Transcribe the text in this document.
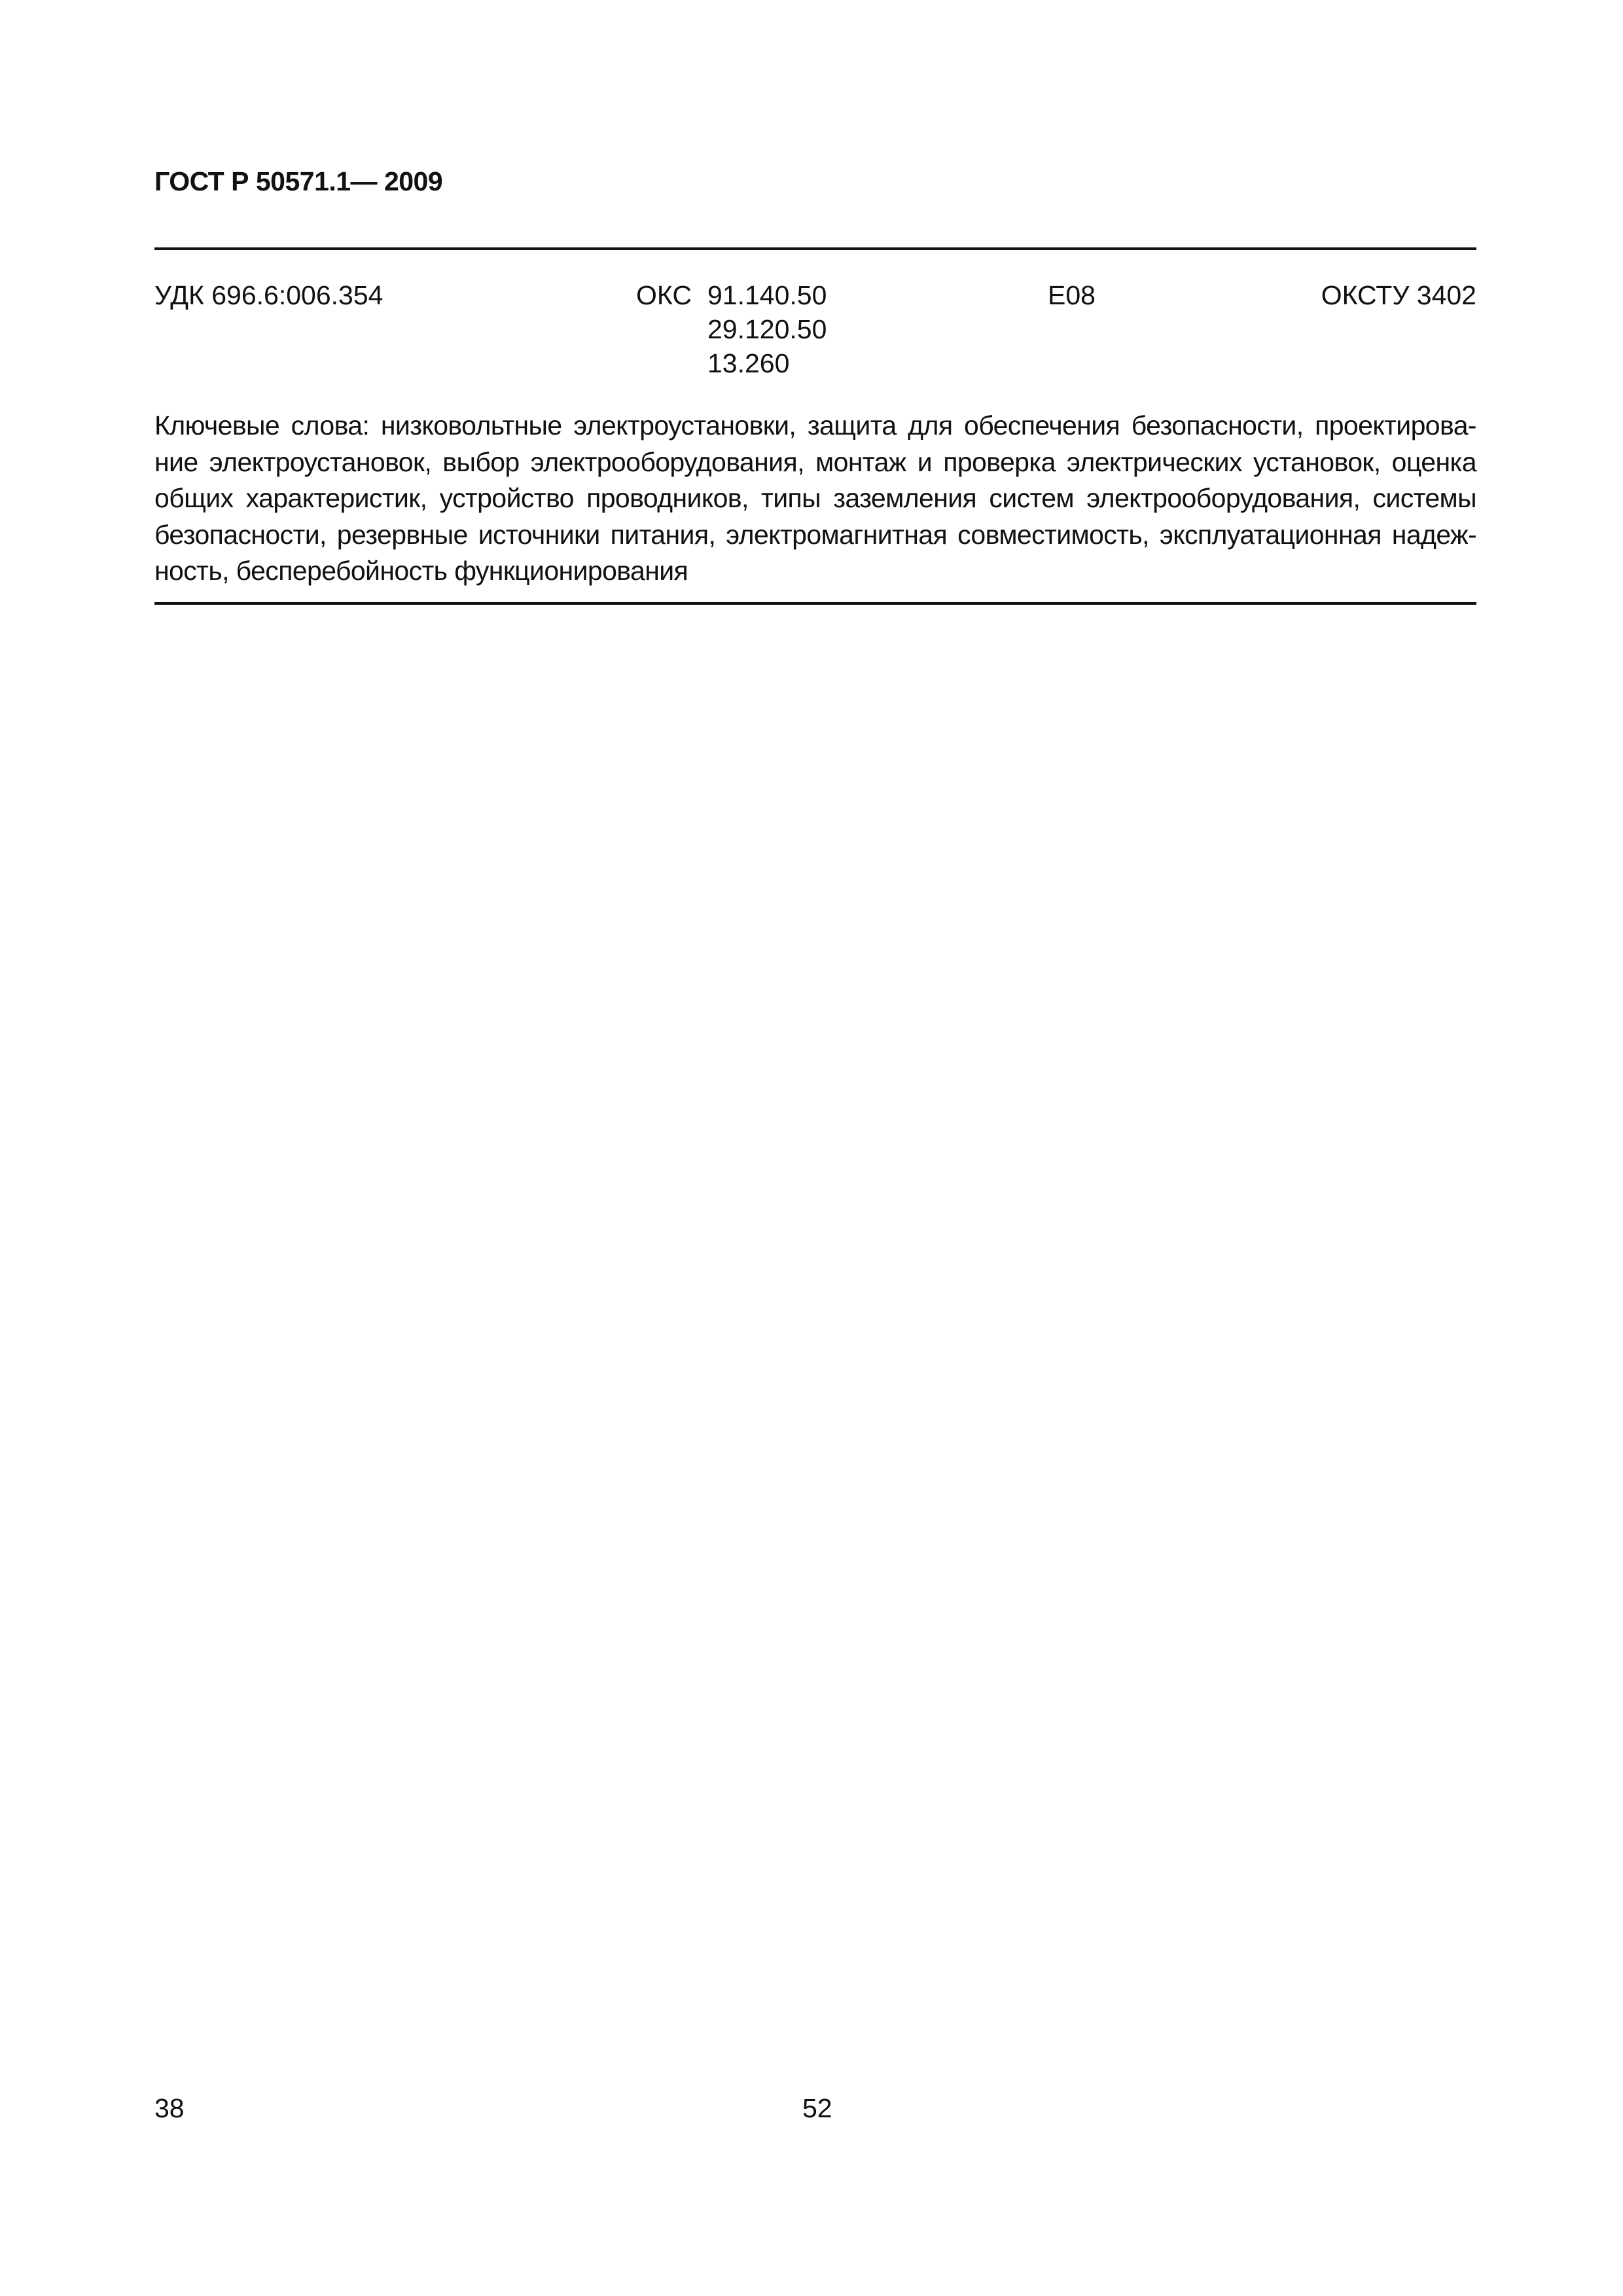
ГОСТ Р 50571.1— 2009
УДК 696.6:006.354	ОКС 91.140.50
29.120.50
13.260
Е08	ОКСТУ 3402
Ключевые слова: низковольтные электроустановки, защита для обеспечения безопасности, проектирова-
ние электроустановок, выбор электрооборудования, монтаж и проверка электрических установок, оценка
общих характеристик, устройство проводников, типы заземления систем электрооборудования, системы
безопасности, резервные источники питания, электромагнитная совместимость, эксплуатационная надеж-
ность, бесперебойность функционирования
38	52
